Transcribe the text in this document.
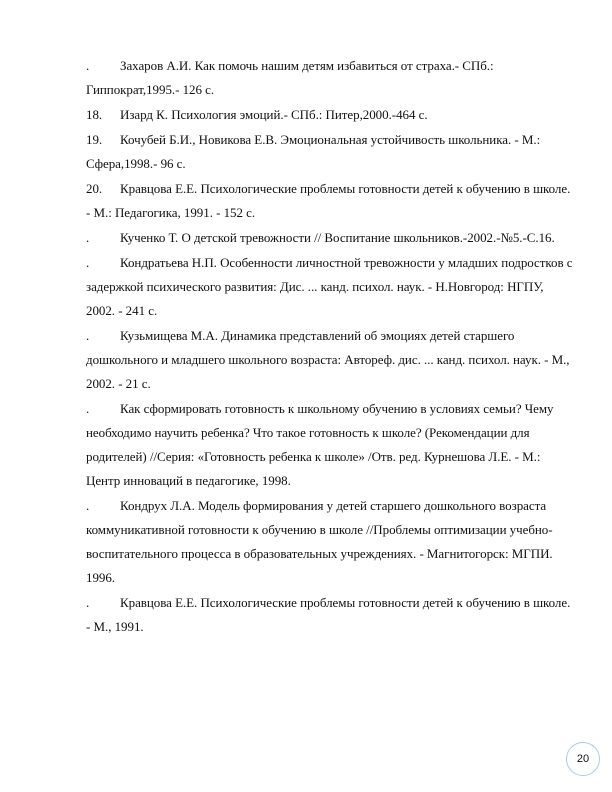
.	Захаров А.И. Как помочь нашим детям избавиться от страха.- СПб.: Гиппократ,1995.- 126 с.
18.	Изард К. Психология эмоций.- СПб.: Питер,2000.-464 с.
19.	Кочубей Б.И., Новикова Е.В. Эмоциональная устойчивость школьника. - М.: Сфера,1998.- 96 с.
20.	Кравцова Е.Е. Психологические проблемы готовности детей к обучению в школе. - М.: Педагогика, 1991. - 152 с.
.	Кученко Т. О детской тревожности // Воспитание школьников.-2002.-№5.-С.16.
.	Кондратьева Н.П. Особенности личностной тревожности у младших подростков с задержкой психического развития: Дис. ... канд. психол. наук. - Н.Новгород: НГПУ, 2002. - 241 с.
.	Кузьмищева М.А. Динамика представлений об эмоциях детей старшего дошкольного и младшего школьного возраста: Автореф. дис. ... канд. психол. наук. - М., 2002. - 21 с.
.	Как сформировать готовность к школьному обучению в условиях семьи? Чему необходимо научить ребенка? Что такое готовность к школе? (Рекомендации для родителей) //Серия: «Готовность ребенка к школе» /Отв. ред. Курнешова Л.Е. - М.: Центр инноваций в педагогике, 1998.
.	Кондрух Л.А. Модель формирования у детей старшего дошкольного возраста коммуникативной готовности к обучению в школе //Проблемы оптимизации учебно-воспитательного процесса в образовательных учреждениях. - Магнитогорск: МГПИ. 1996.
.	Кравцова Е.Е. Психологические проблемы готовности детей к обучению в школе. - М., 1991.
20
